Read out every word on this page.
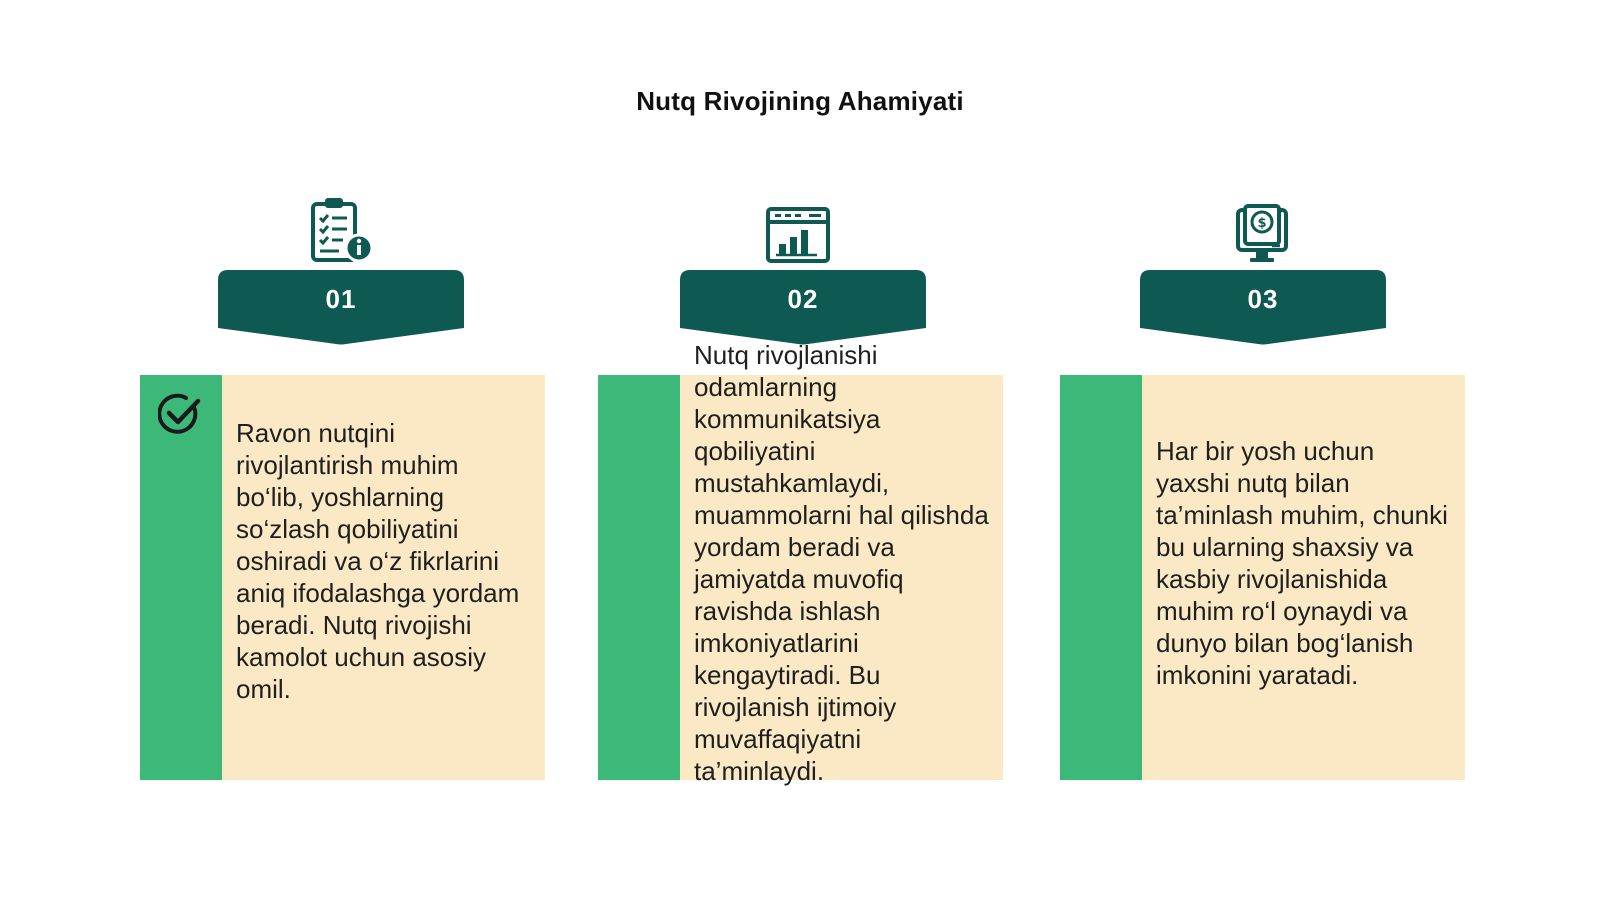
Nutq Rivojining Ahamiyati
01
Ravon nutqini rivojlantirish muhim bo‘lib, yoshlarning so‘zlash qobiliyatini oshiradi va o‘z fikrlarini aniq ifodalashga yordam beradi. Nutq rivojishi kamolot uchun asosiy omil.
02
Nutq rivojlanishi odamlarning kommunikatsiya qobiliyatini mustahkamlaydi, muammolarni hal qilishda yordam beradi va jamiyatda muvofiq ravishda ishlash imkoniyatlarini kengaytiradi. Bu rivojlanish ijtimoiy muvaffaqiyatni ta’minlaydi.
$
03
Har bir yosh uchun yaxshi nutq bilan ta’minlash muhim, chunki bu ularning shaxsiy va kasbiy rivojlanishida muhim ro‘l oynaydi va dunyo bilan bog‘lanish imkonini yaratadi.
